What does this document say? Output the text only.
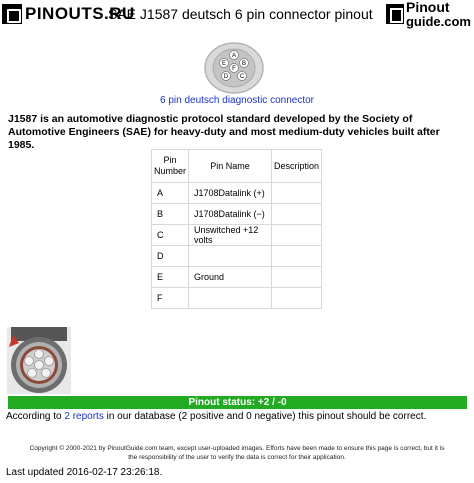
PINOUTS.RU
SAE J1587 deutsch 6 pin connector pinout Pinout
guide.com
A
B
C
D
E
F
6 pin deutsch diagnostic connector
J1587 is an automotive diagnostic protocol standard developed by the Society of Automotive Engineers (SAE) for heavy-duty and most medium-duty vehicles built after 1985.
Pin Number	Pin Name	Description
A	J1708Datalink (+)	
B	J1708Datalink (−)	
C	Unswitched +12 volts	
D		
E	Ground	
F		
Pinout status: +2 / -0
According to 2 reports in our database (2 positive and 0 negative) this pinout should be correct.
Copyright © 2000-2021 by PinoutGuide.com team, except user-uploaded images. Efforts have been made to ensure this page is correct, but it is
the responsibility of the user to verify the data is correct for their application.
Last updated 2016-02-17 23:26:18.
